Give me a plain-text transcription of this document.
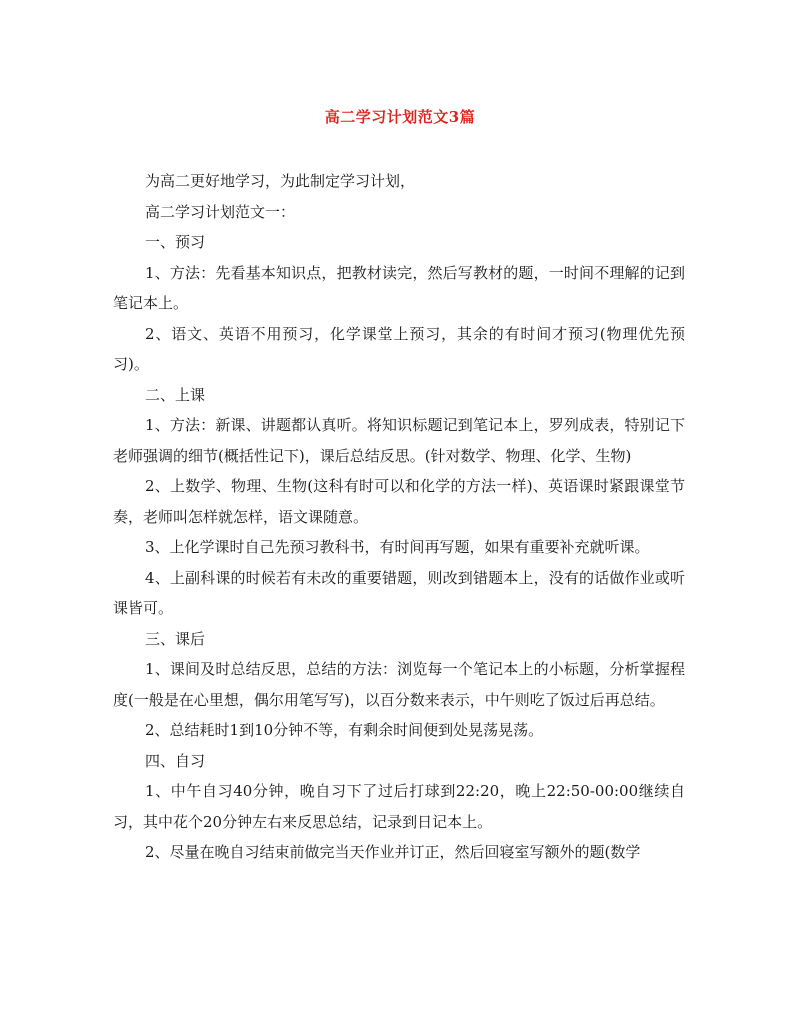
高二学习计划范文3篇

为高二更好地学习，为此制定学习计划，

高二学习计划范文一：

一、预习

1、方法：先看基本知识点，把教材读完，然后写教材的题，一时间不理解的记到笔记本上。

2、语文、英语不用预习，化学课堂上预习，其余的有时间才预习(物理优先预习)。

二、上课

1、方法：新课、讲题都认真听。将知识标题记到笔记本上，罗列成表，特别记下老师强调的细节(概括性记下)，课后总结反思。(针对数学、物理、化学、生物)

2、上数学、物理、生物(这科有时可以和化学的方法一样)、英语课时紧跟课堂节奏，老师叫怎样就怎样，语文课随意。

3、上化学课时自己先预习教科书，有时间再写题，如果有重要补充就听课。

4、上副科课的时候若有未改的重要错题，则改到错题本上，没有的话做作业或听课皆可。

三、课后

1、课间及时总结反思，总结的方法：浏览每一个笔记本上的小标题，分析掌握程度(一般是在心里想，偶尔用笔写写)，以百分数来表示，中午则吃了饭过后再总结。

2、总结耗时1到10分钟不等，有剩余时间便到处晃荡晃荡。

四、自习

1、中午自习40分钟，晚自习下了过后打球到22:20，晚上22:50-00:00继续自习，其中花个20分钟左右来反思总结，记录到日记本上。

2、尽量在晚自习结束前做完当天作业并订正，然后回寝室写额外的题(数学
